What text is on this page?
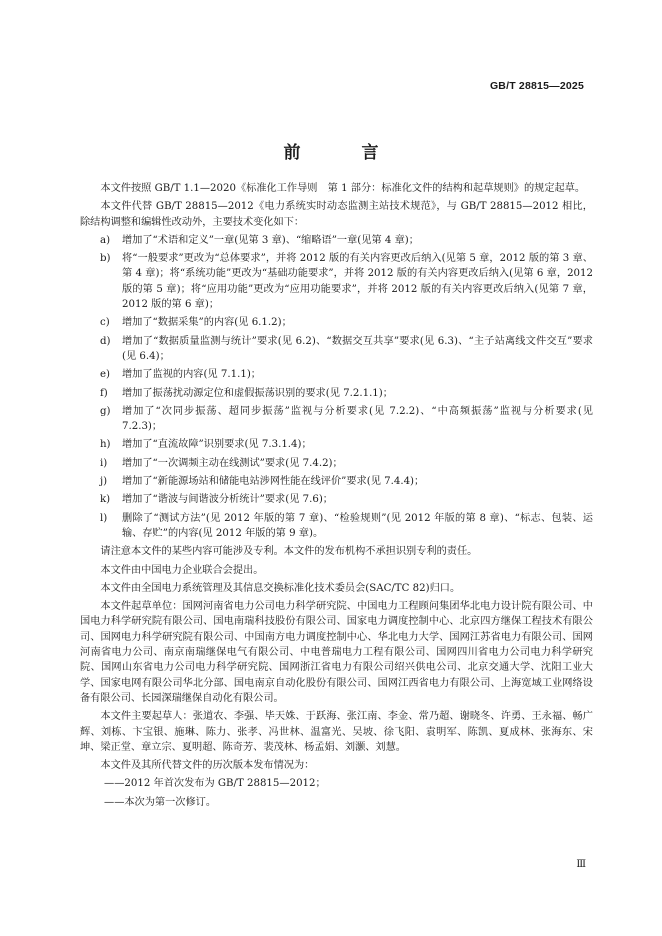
GB/T 28815—2025
前　言

本文件按照 GB/T 1.1—2020《标准化工作导则　第 1 部分：标准化文件的结构和起草规则》的规定起草。

本文件代替 GB/T 28815—2012《电力系统实时动态监测主站技术规范》，与 GB/T 28815—2012 相比，除结构调整和编辑性改动外，主要技术变化如下：

a) 增加了“术语和定义”一章(见第 3 章)、“缩略语”一章(见第 4 章)；
b) 将“一般要求”更改为“总体要求”，并将 2012 版的有关内容更改后纳入(见第 5 章，2012 版的第 3 章、第 4 章)；将“系统功能”更改为“基础功能要求”，并将 2012 版的有关内容更改后纳入(见第 6 章，2012 版的第 5 章)；将“应用功能”更改为“应用功能要求”，并将 2012 版的有关内容更改后纳入(见第 7 章，2012 版的第 6 章)；
c) 增加了“数据采集”的内容(见 6.1.2)；
d) 增加了“数据质量监测与统计”要求(见 6.2)、“数据交互共享”要求(见 6.3)、“主子站离线文件交互”要求(见 6.4)；
e) 增加了监视的内容(见 7.1.1)；
f) 增加了振荡扰动源定位和虚假振荡识别的要求(见 7.2.1.1)；
g) 增加了“次同步振荡、超同步振荡”监视与分析要求(见 7.2.2)、“中高频振荡”监视与分析要求(见 7.2.3)；
h) 增加了“直流故障”识别要求(见 7.3.1.4)；
i) 增加了“一次调频主动在线测试”要求(见 7.4.2)；
j) 增加了“新能源场站和储能电站涉网性能在线评价”要求(见 7.4.4)；
k) 增加了“谐波与间谐波分析统计”要求(见 7.6)；
l) 删除了“测试方法”(见 2012 年版的第 7 章)、“检验规则”(见 2012 年版的第 8 章)、“标志、包装、运输、存贮”的内容(见 2012 年版的第 9 章)。

请注意本文件的某些内容可能涉及专利。本文件的发布机构不承担识别专利的责任。

本文件由中国电力企业联合会提出。

本文件由全国电力系统管理及其信息交换标准化技术委员会(SAC/TC 82)归口。

本文件起草单位：国网河南省电力公司电力科学研究院、中国电力工程顾问集团华北电力设计院有限公司、中国电力科学研究院有限公司、国电南瑞科技股份有限公司、国家电力调度控制中心、北京四方继保工程技术有限公司、国网电力科学研究院有限公司、中国南方电力调度控制中心、华北电力大学、国网江苏省电力有限公司、国网河南省电力公司、南京南瑞继保电气有限公司、中电普瑞电力工程有限公司、国网四川省电力公司电力科学研究院、国网山东省电力公司电力科学研究院、国网浙江省电力有限公司绍兴供电公司、北京交通大学、沈阳工业大学、国家电网有限公司华北分部、国电南京自动化股份有限公司、国网江西省电力有限公司、上海宽域工业网络设备有限公司、长园深瑞继保自动化有限公司。

本文件主要起草人：张道农、李强、毕天姝、于跃海、张江南、李金、常乃超、谢晓冬、许勇、王永福、畅广辉、刘栋、卞宝银、施琳、陈力、张孝、冯世林、温富光、吴坡、徐飞阳、袁明军、陈凯、夏成林、张海东、宋坤、梁正堂、章立宗、夏明超、陈奇芳、裴茂林、杨孟娟、刘灏、刘慧。

本文件及其所代替文件的历次版本发布情况为：

——2012 年首次发布为 GB/T 28815—2012；
——本次为第一次修订。
Ⅲ
